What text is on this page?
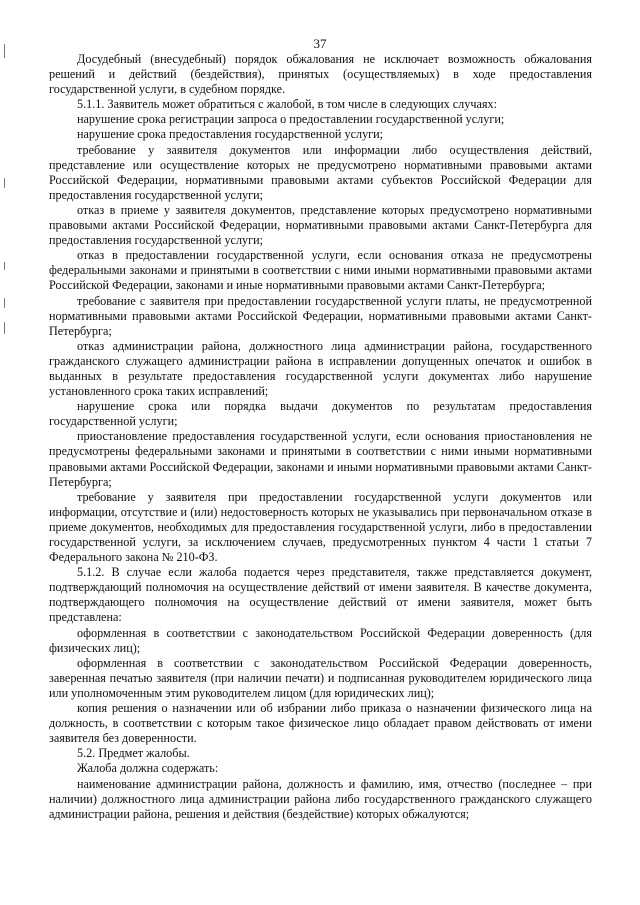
37

Досудебный (внесудебный) порядок обжалования не исключает возможность обжалования решений и действий (бездействия), принятых (осуществляемых) в ходе предоставления государственной услуги, в судебном порядке.

5.1.1. Заявитель может обратиться с жалобой, в том числе в следующих случаях:

нарушение срока регистрации запроса о предоставлении государственной услуги;

нарушение срока предоставления государственной услуги;

требование у заявителя документов или информации либо осуществления действий, представление или осуществление которых не предусмотрено нормативными правовыми актами Российской Федерации, нормативными правовыми актами субъектов Российской Федерации для предоставления государственной услуги;

отказ в приеме у заявителя документов, представление которых предусмотрено нормативными правовыми актами Российской Федерации, нормативными правовыми актами Санкт-Петербурга для предоставления государственной услуги;

отказ в предоставлении государственной услуги, если основания отказа не предусмотрены федеральными законами и принятыми в соответствии с ними иными нормативными правовыми актами Российской Федерации, законами и иные нормативными правовыми актами Санкт-Петербурга;

требование с заявителя при предоставлении государственной услуги платы, не предусмотренной нормативными правовыми актами Российской Федерации, нормативными правовыми актами Санкт-Петербурга;

отказ администрации района, должностного лица администрации района, государственного гражданского служащего администрации района в исправлении допущенных опечаток и ошибок в выданных в результате предоставления государственной услуги документах либо нарушение установленного срока таких исправлений;

нарушение срока или порядка выдачи документов по результатам предоставления государственной услуги;

приостановление предоставления государственной услуги, если основания приостановления не предусмотрены федеральными законами и принятыми в соответствии с ними иными нормативными правовыми актами Российской Федерации, законами и иными нормативными правовыми актами Санкт-Петербурга;

требование у заявителя при предоставлении государственной услуги документов или информации, отсутствие и (или) недостоверность которых не указывались при первоначальном отказе в приеме документов, необходимых для предоставления государственной услуги, либо в предоставлении государственной услуги, за исключением случаев, предусмотренных пунктом 4 части 1 статьи 7 Федерального закона № 210-ФЗ.

5.1.2. В случае если жалоба подается через представителя, также представляется документ, подтверждающий полномочия на осуществление действий от имени заявителя. В качестве документа, подтверждающего полномочия на осуществление действий от имени заявителя, может быть представлена:

оформленная в соответствии с законодательством Российской Федерации доверенность (для физических лиц);

оформленная в соответствии с законодательством Российской Федерации доверенность, заверенная печатью заявителя (при наличии печати) и подписанная руководителем юридического лица или уполномоченным этим руководителем лицом (для юридических лиц);

копия решения о назначении или об избрании либо приказа о назначении физического лица на должность, в соответствии с которым такое физическое лицо обладает правом действовать от имени заявителя без доверенности.

5.2. Предмет жалобы.

Жалоба должна содержать:

наименование администрации района, должность и фамилию, имя, отчество (последнее – при наличии) должностного лица администрации района либо государственного гражданского служащего администрации района, решения и действия (бездействие) которых обжалуются;
